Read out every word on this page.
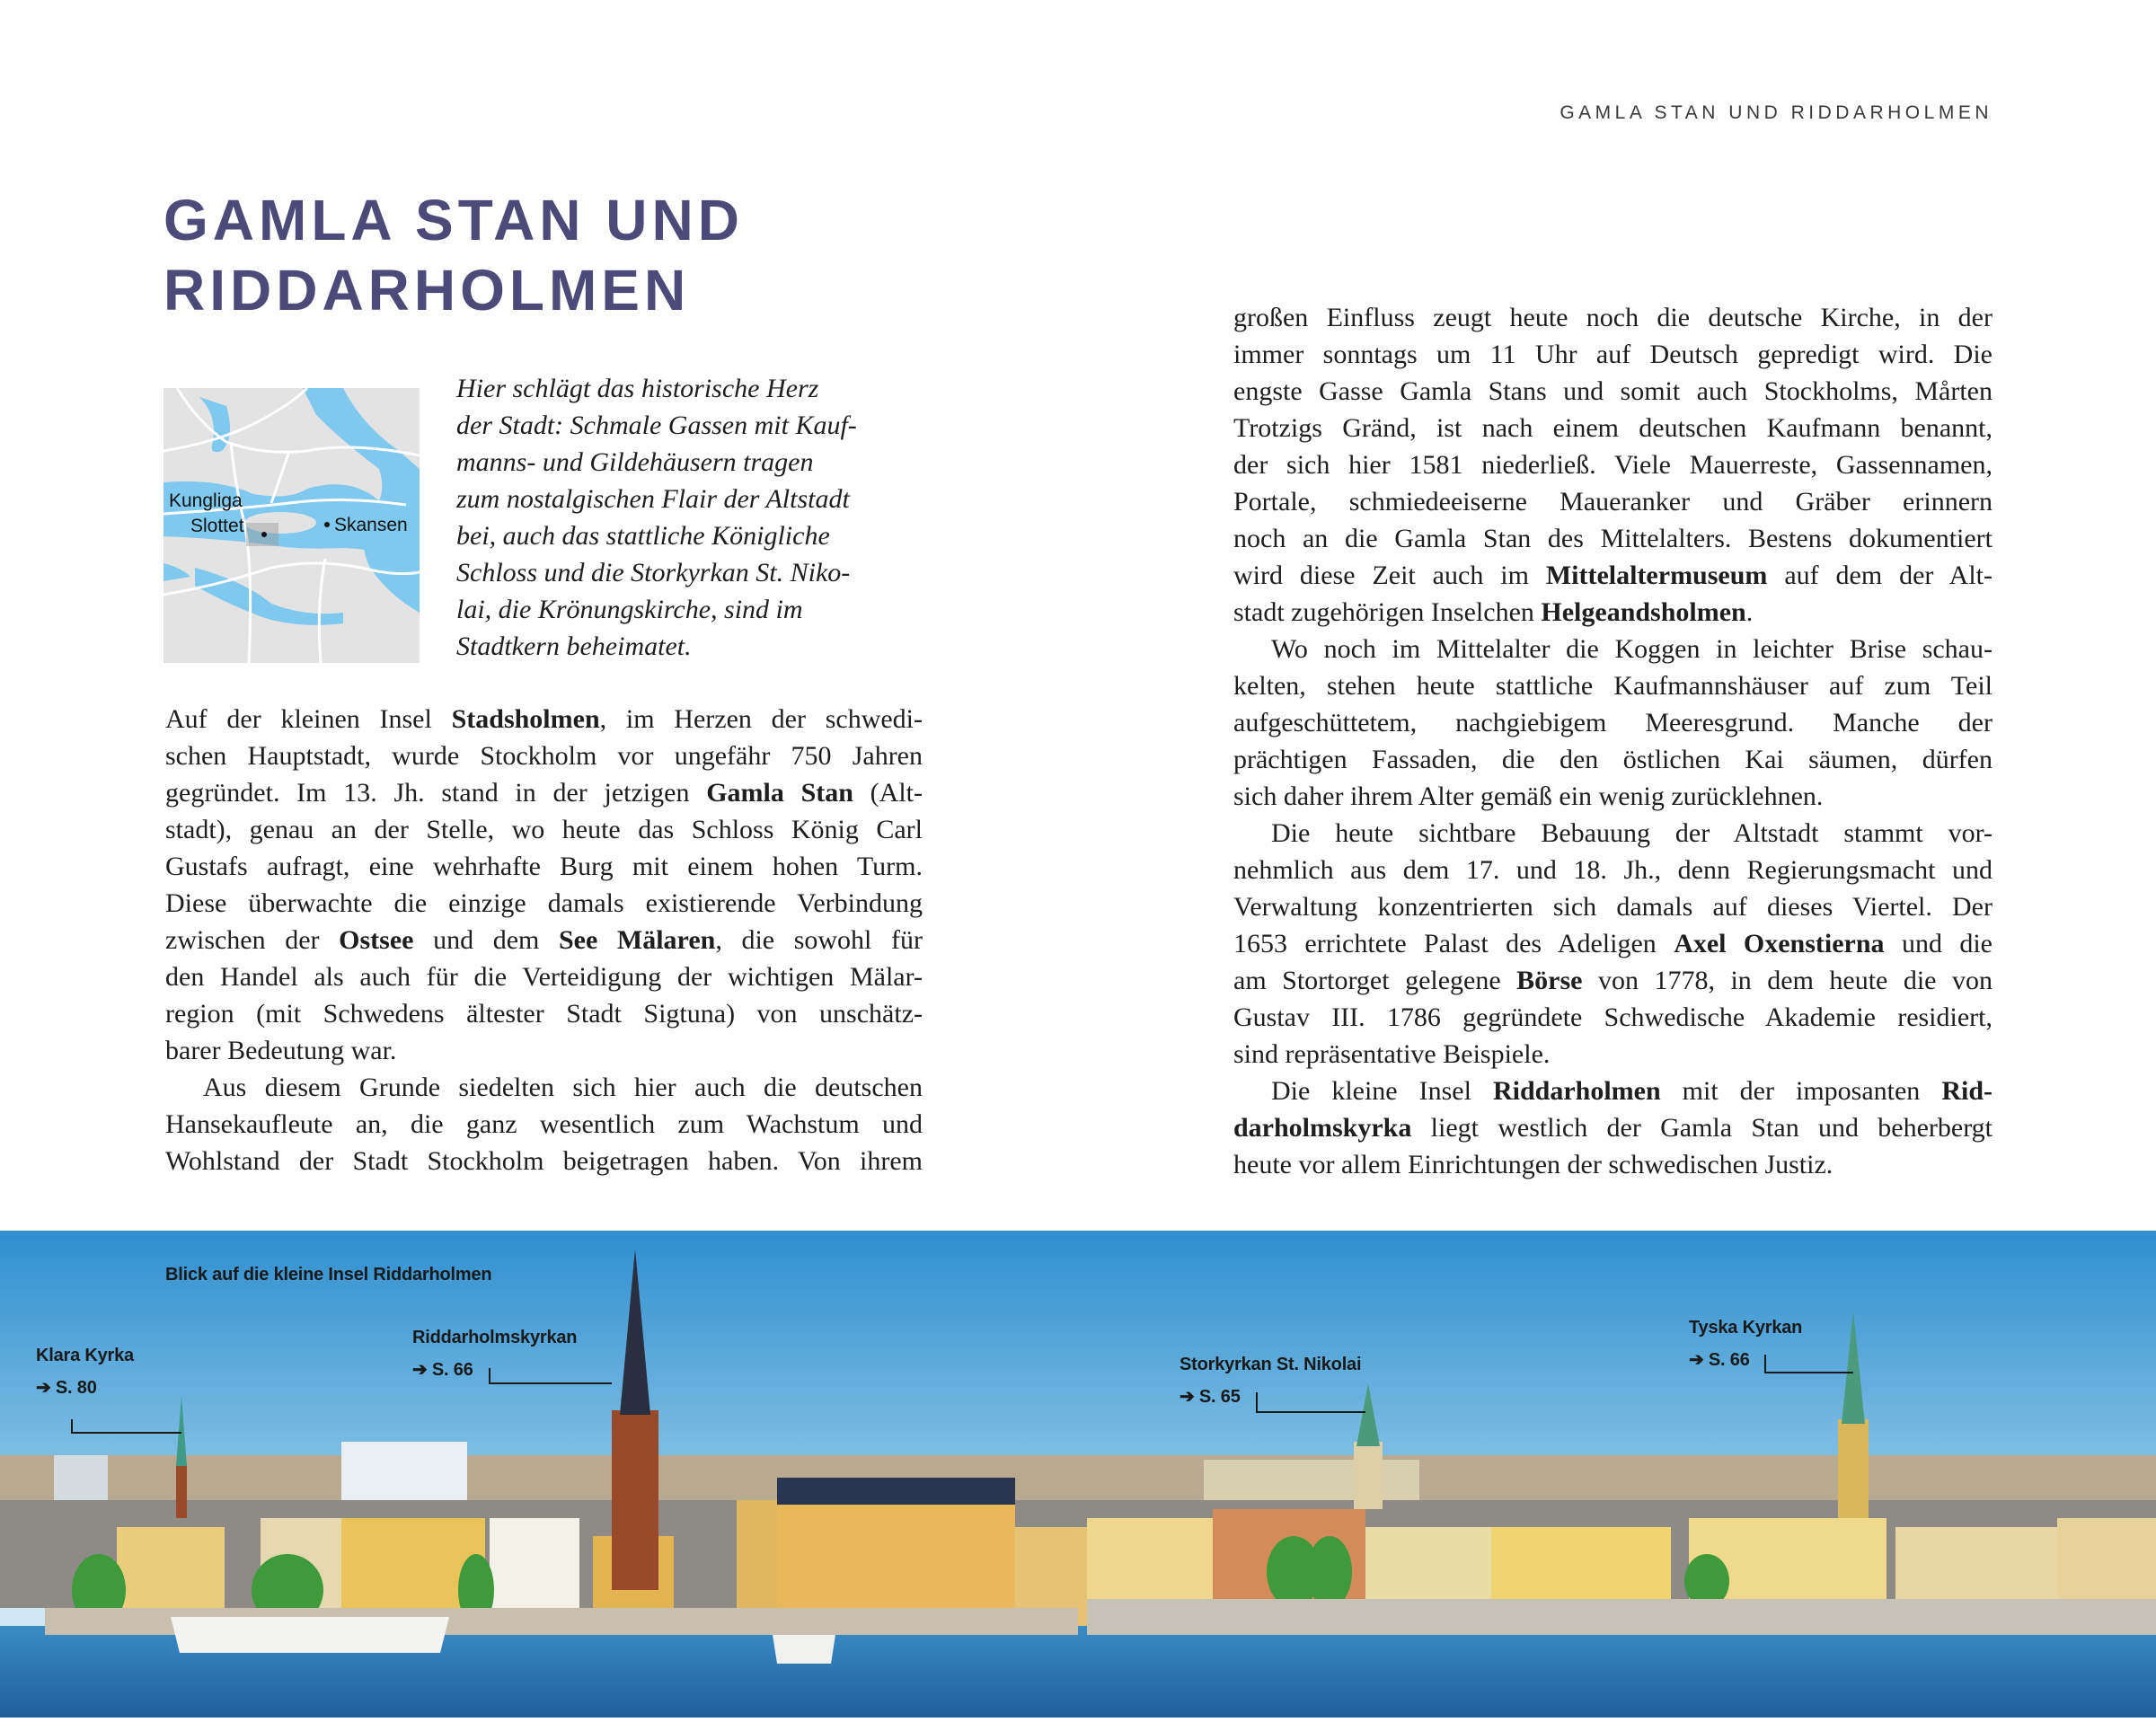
GAMLA STAN UND RIDDARHOLMEN
GAMLA STAN UND
RIDDARHOLMEN
Kungliga
Slottet	Skansen
Hier schlägt das historische Herz
der Stadt: Schmale Gassen mit Kauf-
manns- und Gildehäusern tragen
zum nostalgischen Flair der Altstadt
bei, auch das stattliche Königliche
Schloss und die Storkyrkan St. Niko-
lai, die Krönungskirche, sind im
Stadtkern beheimatet.
Auf der kleinen Insel Stadsholmen, im Herzen der schwedi-
schen Hauptstadt, wurde Stockholm vor ungefähr 750 Jahren
gegründet. Im 13. Jh. stand in der jetzigen Gamla Stan (Alt-
stadt), genau an der Stelle, wo heute das Schloss König Carl
Gustafs aufragt, eine wehrhafte Burg mit einem hohen Turm.
Diese überwachte die einzige damals existierende Verbindung
zwischen der Ostsee und dem See Mälaren, die sowohl für
den Handel als auch für die Verteidigung der wichtigen Mälar-
region (mit Schwedens ältester Stadt Sigtuna) von unschätz-
barer Bedeutung war.
Aus diesem Grunde siedelten sich hier auch die deutschen
Hansekaufleute an, die ganz wesentlich zum Wachstum und
Wohlstand der Stadt Stockholm beigetragen haben. Von ihrem
großen Einfluss zeugt heute noch die deutsche Kirche, in der
immer sonntags um 11 Uhr auf Deutsch gepredigt wird. Die
engste Gasse Gamla Stans und somit auch Stockholms, Mårten
Trotzigs Gränd, ist nach einem deutschen Kaufmann benannt,
der sich hier 1581 niederließ. Viele Mauerreste, Gassennamen,
Portale, schmiedeeiserne Maueranker und Gräber erinnern
noch an die Gamla Stan des Mittelalters. Bestens dokumentiert
wird diese Zeit auch im Mittelaltermuseum auf dem der Alt-
stadt zugehörigen Inselchen Helgeandsholmen.
Wo noch im Mittelalter die Koggen in leichter Brise schau-
kelten, stehen heute stattliche Kaufmannshäuser auf zum Teil
aufgeschüttetem, nachgiebigem Meeresgrund. Manche der
prächtigen Fassaden, die den östlichen Kai säumen, dürfen
sich daher ihrem Alter gemäß ein wenig zurücklehnen.
Die heute sichtbare Bebauung der Altstadt stammt vor-
nehmlich aus dem 17. und 18. Jh., denn Regierungsmacht und
Verwaltung konzentrierten sich damals auf dieses Viertel. Der
1653 errichtete Palast des Adeligen Axel Oxenstierna und die
am Stortorget gelegene Börse von 1778, in dem heute die von
Gustav III. 1786 gegründete Schwedische Akademie residiert,
sind repräsentative Beispiele.
Die kleine Insel Riddarholmen mit der imposanten Rid-
darholmskyrka liegt westlich der Gamla Stan und beherbergt
heute vor allem Einrichtungen der schwedischen Justiz.
Blick auf die kleine Insel Riddarholmen
Klara Kyrka
➔ S. 80
Riddarholmskyrkan
➔ S. 66	Storkyrkan St. Nikolai
➔ S. 65
Tyska Kyrkan
➔ S. 66
